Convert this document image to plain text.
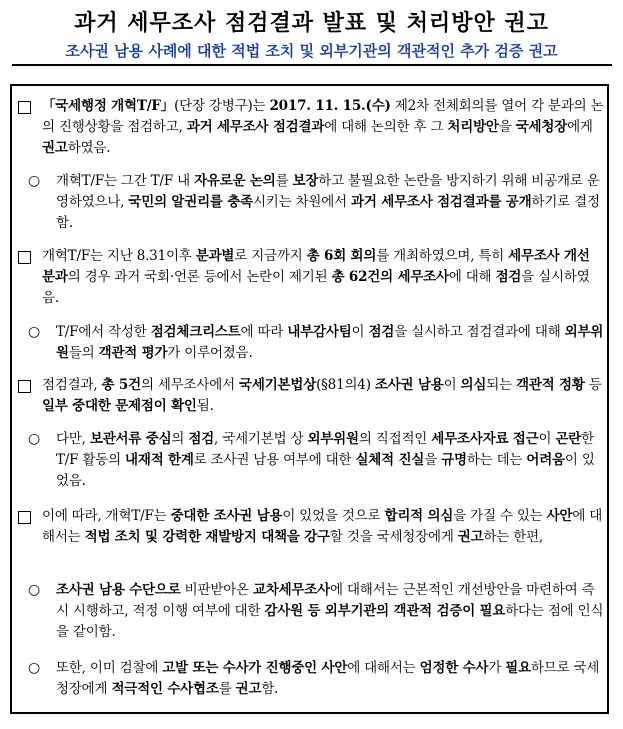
과거 세무조사 점검결과 발표 및 처리방안 권고
조사권 남용 사례에 대한 적법 조치 및 외부기관의 객관적인 추가 검증 권고
「국세행정 개혁T/F」(단장 강병구)는 2017. 11. 15.(수) 제2차 전체회의를 열어 각 분과의 논의 진행상황을 점검하고, 과거 세무조사 점검결과에 대해 논의한 후 그 처리방안을 국세청장에게 권고하였음.
○ 개혁T/F는 그간 T/F 내 자유로운 논의를 보장하고 불필요한 논란을 방지하기 위해 비공개로 운영하였으나, 국민의 알권리를 충족시키는 차원에서 과거 세무조사 점검결과를 공개하기로 결정함.
개혁T/F는 지난 8.31이후 분과별로 지금까지 총 6회 회의를 개최하였으며, 특히 세무조사 개선 분과의 경우 과거 국회·언론 등에서 논란이 제기된 총 62건의 세무조사에 대해 점검을 실시하였음.
○ T/F에서 작성한 점검체크리스트에 따라 내부감사팀이 점검을 실시하고 점검결과에 대해 외부위원들의 객관적 평가가 이루어졌음.
점검결과, 총 5건의 세무조사에서 국세기본법상(§81의4) 조사권 남용이 의심되는 객관적 정황 등 일부 중대한 문제점이 확인됨.
○ 다만, 보관서류 중심의 점검, 국세기본법 상 외부위원의 직접적인 세무조사자료 접근이 곤란한 T/F 활동의 내재적 한계로 조사권 남용 여부에 대한 실체적 진실을 규명하는 데는 어려움이 있었음.
이에 따라, 개혁T/F는 중대한 조사권 남용이 있었을 것으로 합리적 의심을 가질 수 있는 사안에 대해서는 적법 조치 및 강력한 재발방지 대책을 강구할 것을 국세청장에게 권고하는 한편,
○ 조사권 남용 수단으로 비판받아온 교차세무조사에 대해서는 근본적인 개선방안을 마련하여 즉시 시행하고, 적정 이행 여부에 대한 감사원 등 외부기관의 객관적 검증이 필요하다는 점에 인식을 같이함.
○ 또한, 이미 검찰에 고발 또는 수사가 진행중인 사안에 대해서는 엄정한 수사가 필요하므로 국세청장에게 적극적인 수사협조를 권고함.
